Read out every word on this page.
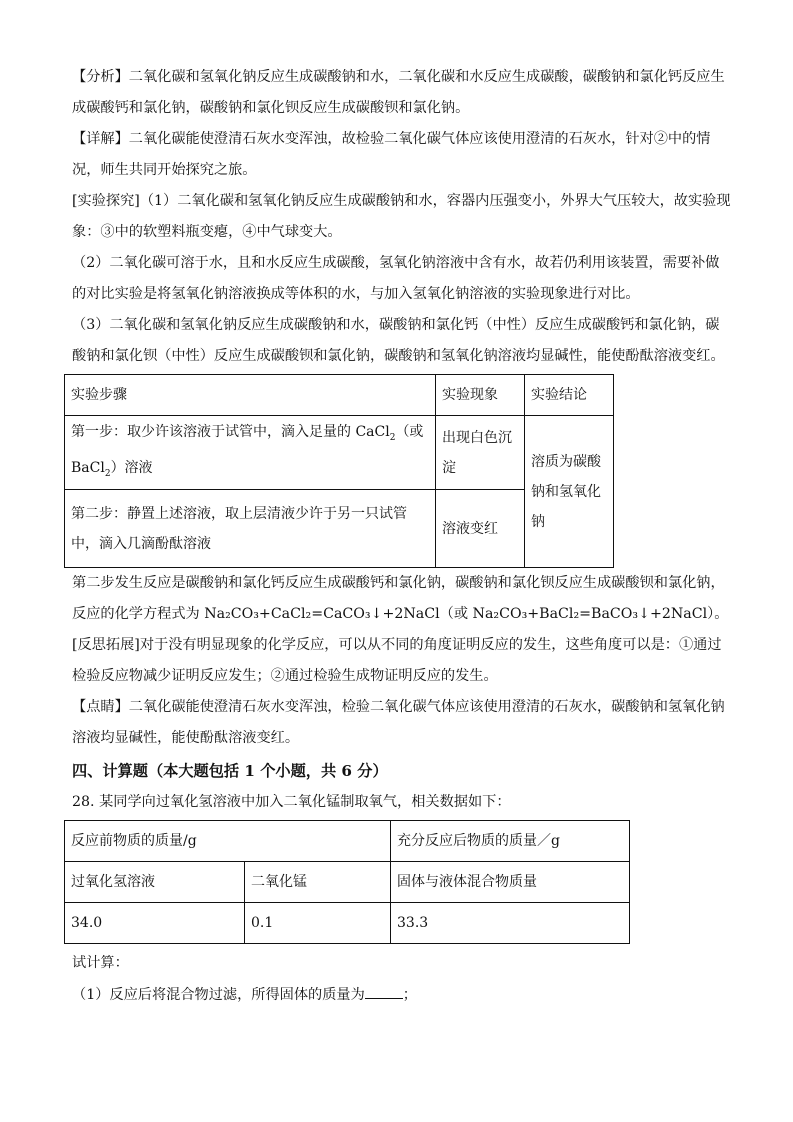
【分析】二氧化碳和氢氧化钠反应生成碳酸钠和水，二氧化碳和水反应生成碳酸，碳酸钠和氯化钙反应生成碳酸钙和氯化钠，碳酸钠和氯化钡反应生成碳酸钡和氯化钠。

【详解】二氧化碳能使澄清石灰水变浑浊，故检验二氧化碳气体应该使用澄清的石灰水，针对②中的情况，师生共同开始探究之旅。

[实验探究]（1）二氧化碳和氢氧化钠反应生成碳酸钠和水，容器内压强变小，外界大气压较大，故实验现象：③中的软塑料瓶变瘪，④中气球变大。

（2）二氧化碳可溶于水，且和水反应生成碳酸，氢氧化钠溶液中含有水，故若仍利用该装置，需要补做的对比实验是将氢氧化钠溶液换成等体积的水，与加入氢氧化钠溶液的实验现象进行对比。

（3）二氧化碳和氢氧化钠反应生成碳酸钠和水，碳酸钠和氯化钙（中性）反应生成碳酸钙和氯化钠，碳酸钠和氯化钡（中性）反应生成碳酸钡和氯化钠，碳酸钠和氢氧化钠溶液均显碱性，能使酚酞溶液变红。

实验步骤	实验现象	实验结论
第一步：取少许该溶液于试管中，滴入足量的 CaCl$_2$（或 BaCl$_2$）溶液	出现白色沉淀	溶质为碳酸钠和氢氧化钠
第二步：静置上述溶液，取上层清液少许于另一只试管中，滴入几滴酚酞溶液	溶液变红	

第二步发生反应是碳酸钠和氯化钙反应生成碳酸钙和氯化钠，碳酸钠和氯化钡反应生成碳酸钡和氯化钠，反应的化学方程式为 Na₂CO₃+CaCl₂=CaCO₃↓+2NaCl（或 Na₂CO₃+BaCl₂=BaCO₃↓+2NaCl）。

[反思拓展]对于没有明显现象的化学反应，可以从不同的角度证明反应的发生，这些角度可以是：①通过检验反应物减少证明反应发生；②通过检验生成物证明反应的发生。

【点睛】二氧化碳能使澄清石灰水变浑浊，检验二氧化碳气体应该使用澄清的石灰水，碳酸钠和氢氧化钠溶液均显碱性，能使酚酞溶液变红。

四、计算题（本大题包括 1 个小题，共 6 分）

28. 某同学向过氧化氢溶液中加入二氧化锰制取氧气，相关数据如下：

反应前物质的质量/g		充分反应后物质的质量／g
过氧化氢溶液	二氧化锰	固体与液体混合物质量
34.0	0.1	33.3

试计算：

（1）反应后将混合物过滤，所得固体的质量为	；
